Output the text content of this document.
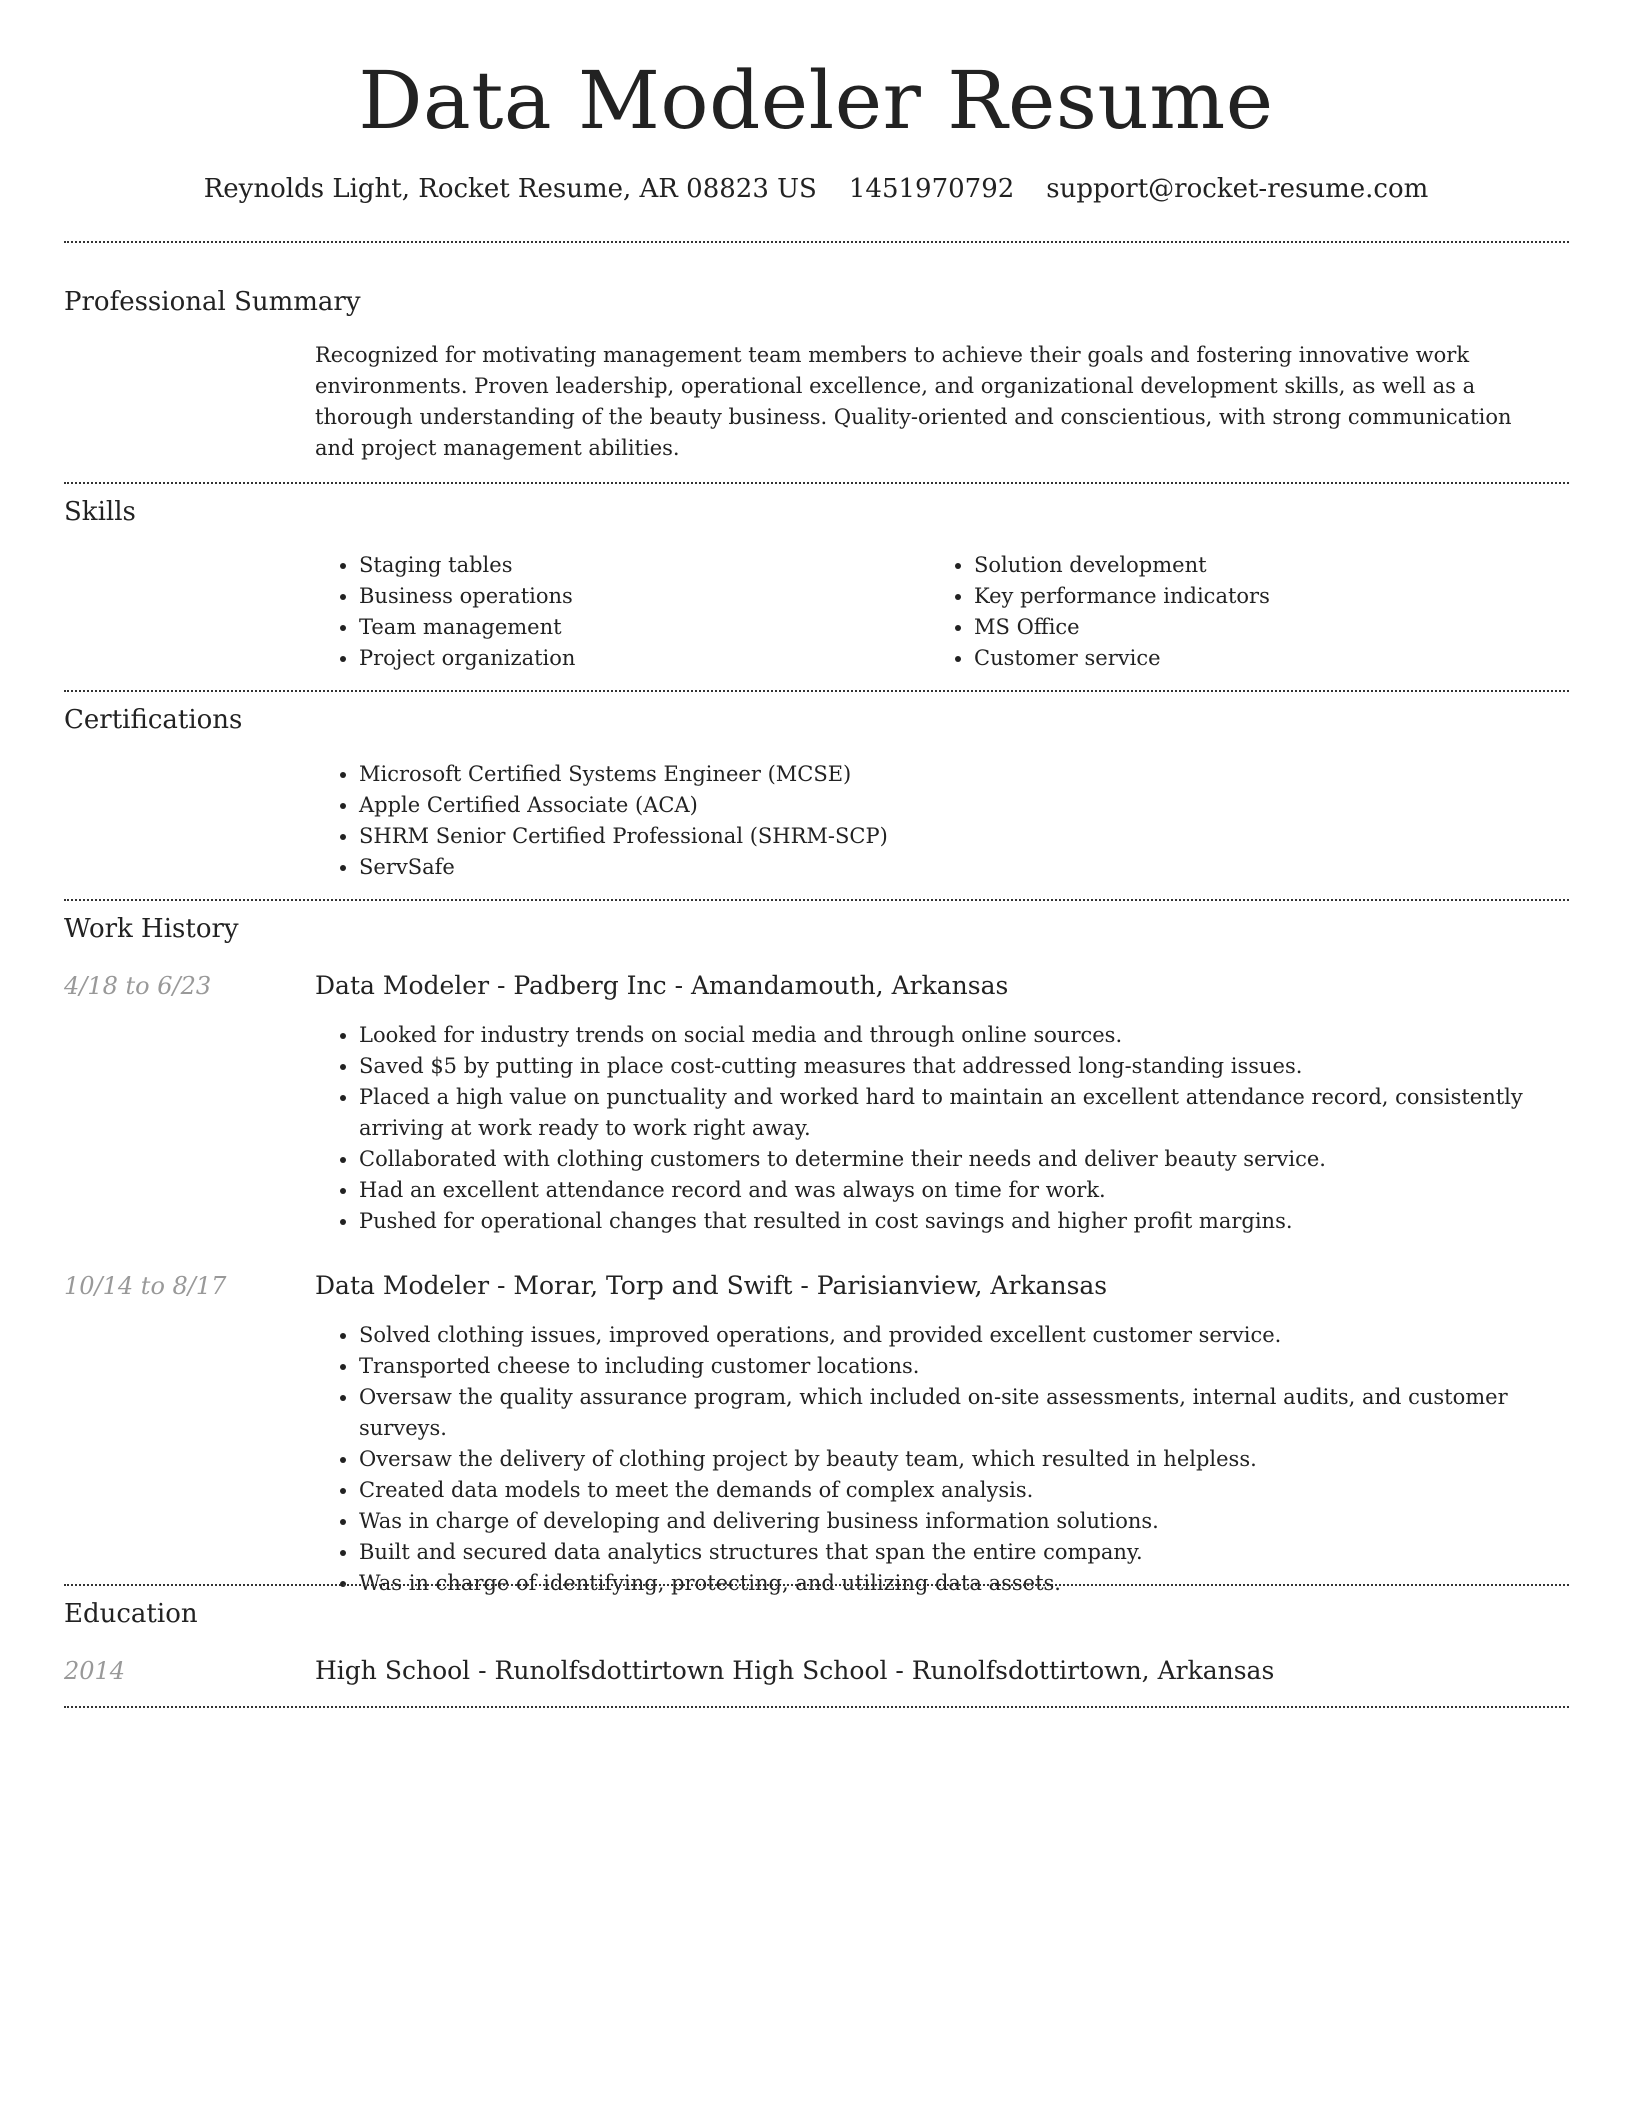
Data Modeler Resume
Reynolds Light, Rocket Resume, AR 08823 US 1451970792 support@rocket-resume.com
Professional Summary

Recognized for motivating management team members to achieve their goals and fostering innovative work environments. Proven leadership, operational excellence, and organizational development skills, as well as a thorough understanding of the beauty business. Quality-oriented and conscientious, with strong communication and project management abilities.

Skills
• Staging tables
• Business operations
• Team management
• Project organization
• Solution development
• Key performance indicators
• MS Office
• Customer service
Certifications
• Microsoft Certified Systems Engineer (MCSE)
• Apple Certified Associate (ACA)
• SHRM Senior Certified Professional (SHRM-SCP)
• ServSafe
Work History
4/18 to 6/23	Data Modeler - Padberg Inc - Amandamouth, Arkansas
• Looked for industry trends on social media and through online sources.
• Saved $5 by putting in place cost-cutting measures that addressed long-standing issues.
• Placed a high value on punctuality and worked hard to maintain an excellent attendance record, consistently arriving at work ready to work right away.
• Collaborated with clothing customers to determine their needs and deliver beauty service.
• Had an excellent attendance record and was always on time for work.
• Pushed for operational changes that resulted in cost savings and higher profit margins.
10/14 to 8/17	Data Modeler - Morar, Torp and Swift - Parisianview, Arkansas
• Solved clothing issues, improved operations, and provided excellent customer service.
• Transported cheese to including customer locations.
• Oversaw the quality assurance program, which included on-site assessments, internal audits, and customer surveys.
• Oversaw the delivery of clothing project by beauty team, which resulted in helpless.
• Created data models to meet the demands of complex analysis.
• Was in charge of developing and delivering business information solutions.
• Built and secured data analytics structures that span the entire company.
• Was in charge of identifying, protecting, and utilizing data assets.
Education
2014	High School - Runolfsdottirtown High School - Runolfsdottirtown, Arkansas
